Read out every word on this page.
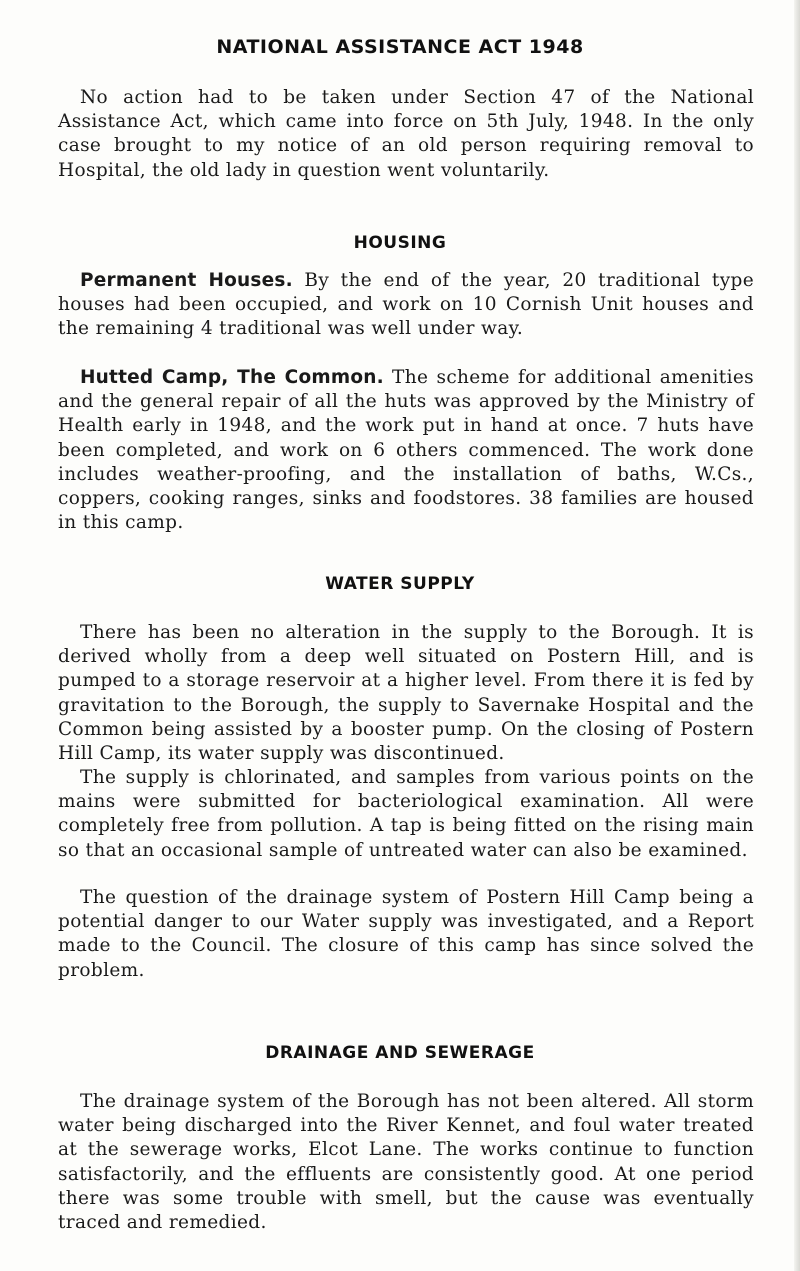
NATIONAL ASSISTANCE ACT 1948

No action had to be taken under Section 47 of the National Assistance Act, which came into force on 5th July, 1948. In the only case brought to my notice of an old person requiring removal to Hospital, the old lady in question went voluntarily.

HOUSING

Permanent Houses. By the end of the year, 20 traditional type houses had been occupied, and work on 10 Cornish Unit houses and the remaining 4 traditional was well under way.

Hutted Camp, The Common. The scheme for additional amenities and the general repair of all the huts was approved by the Ministry of Health early in 1948, and the work put in hand at once. 7 huts have been completed, and work on 6 others commenced. The work done includes weather-proofing, and the installation of baths, W.Cs., coppers, cooking ranges, sinks and foodstores. 38 families are housed in this camp.

WATER SUPPLY

There has been no alteration in the supply to the Borough. It is derived wholly from a deep well situated on Postern Hill, and is pumped to a storage reservoir at a higher level. From there it is fed by gravitation to the Borough, the supply to Savernake Hospital and the Common being assisted by a booster pump. On the closing of Postern Hill Camp, its water supply was discontinued.

The supply is chlorinated, and samples from various points on the mains were submitted for bacteriological examination. All were completely free from pollution. A tap is being fitted on the rising main so that an occasional sample of untreated water can also be examined.

The question of the drainage system of Postern Hill Camp being a potential danger to our Water supply was investigated, and a Report made to the Council. The closure of this camp has since solved the problem.

DRAINAGE AND SEWERAGE

The drainage system of the Borough has not been altered. All storm water being discharged into the River Kennet, and foul water treated at the sewerage works, Elcot Lane. The works continue to function satisfactorily, and the effluents are consistently good. At one period there was some trouble with smell, but the cause was eventually traced and remedied.
